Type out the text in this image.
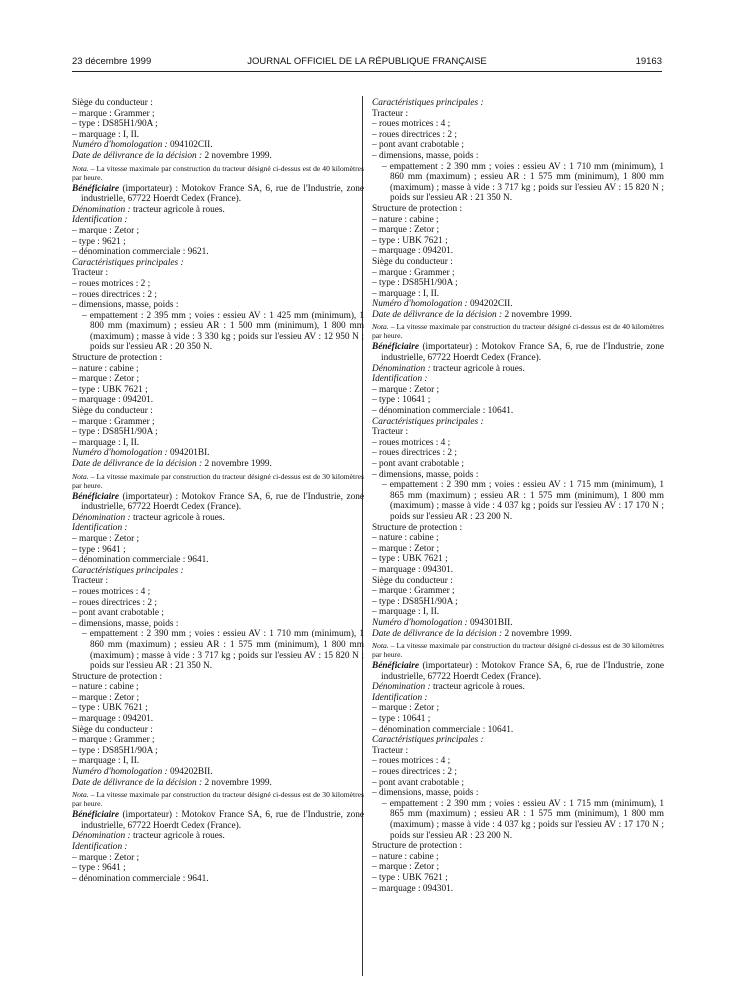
23 décembre 1999	JOURNAL OFFICIEL DE LA RÉPUBLIQUE FRANÇAISE	19163
Siège du conducteur :
– marque : Grammer ;
– type : DS85H1/90A ;
– marquage : I, II.
Numéro d'homologation : 094102CII.
Date de délivrance de la décision : 2 novembre 1999.
Nota. – La vitesse maximale par construction du tracteur désigné ci-dessus est de 40 kilomètres par heure.
Bénéficiaire (importateur) : Motokov France SA, 6, rue de l'Industrie, zone industrielle, 67722 Hoerdt Cedex (France).
Dénomination : tracteur agricole à roues.
Identification :
– marque : Zetor ;
– type : 9621 ;
– dénomination commerciale : 9621.
Caractéristiques principales :
Tracteur :
– roues motrices : 2 ;
– roues directrices : 2 ;
– dimensions, masse, poids :
– empattement : 2 395 mm ; voies : essieu AV : 1 425 mm (minimum), 1 800 mm (maximum) ; essieu AR : 1 500 mm (minimum), 1 800 mm (maximum) ; masse à vide : 3 330 kg ; poids sur l'essieu AV : 12 950 N ; poids sur l'essieu AR : 20 350 N.
Structure de protection :
– nature : cabine ;
– marque : Zetor ;
– type : UBK 7621 ;
– marquage : 094201.
Siège du conducteur :
– marque : Grammer ;
– type : DS85H1/90A ;
– marquage : I, II.
Numéro d'homologation : 094201BI.
Date de délivrance de la décision : 2 novembre 1999.
Nota. – La vitesse maximale par construction du tracteur désigné ci-dessus est de 30 kilomètres par heure.
Bénéficiaire (importateur) : Motokov France SA, 6, rue de l'Industrie, zone industrielle, 67722 Hoerdt Cedex (France).
Dénomination : tracteur agricole à roues.
Identification :
– marque : Zetor ;
– type : 9641 ;
– dénomination commerciale : 9641.
Caractéristiques principales :
Tracteur :
– roues motrices : 4 ;
– roues directrices : 2 ;
– pont avant crabotable ;
– dimensions, masse, poids :
– empattement : 2 390 mm ; voies : essieu AV : 1 710 mm (minimum), 1 860 mm (maximum) ; essieu AR : 1 575 mm (minimum), 1 800 mm (maximum) ; masse à vide : 3 717 kg ; poids sur l'essieu AV : 15 820 N ; poids sur l'essieu AR : 21 350 N.
Structure de protection :
– nature : cabine ;
– marque : Zetor ;
– type : UBK 7621 ;
– marquage : 094201.
Siège du conducteur :
– marque : Grammer ;
– type : DS85H1/90A ;
– marquage : I, II.
Numéro d'homologation : 094202BII.
Date de délivrance de la décision : 2 novembre 1999.
Nota. – La vitesse maximale par construction du tracteur désigné ci-dessus est de 30 kilomètres par heure.
Bénéficiaire (importateur) : Motokov France SA, 6, rue de l'Industrie, zone industrielle, 67722 Hoerdt Cedex (France).
Dénomination : tracteur agricole à roues.
Identification :
– marque : Zetor ;
– type : 9641 ;
– dénomination commerciale : 9641.
Caractéristiques principales :
Tracteur :
– roues motrices : 4 ;
– roues directrices : 2 ;
– pont avant crabotable ;
– dimensions, masse, poids :
– empattement : 2 390 mm ; voies : essieu AV : 1 710 mm (minimum), 1 860 mm (maximum) ; essieu AR : 1 575 mm (minimum), 1 800 mm (maximum) ; masse à vide : 3 717 kg ; poids sur l'essieu AV : 15 820 N ; poids sur l'essieu AR : 21 350 N.
Structure de protection :
– nature : cabine ;
– marque : Zetor ;
– type : UBK 7621 ;
– marquage : 094201.
Siège du conducteur :
– marque : Grammer ;
– type : DS85H1/90A ;
– marquage : I, II.
Numéro d'homologation : 094202CII.
Date de délivrance de la décision : 2 novembre 1999.
Nota. – La vitesse maximale par construction du tracteur désigné ci-dessus est de 40 kilomètres par heure.
Bénéficiaire (importateur) : Motokov France SA, 6, rue de l'Industrie, zone industrielle, 67722 Hoerdt Cedex (France).
Dénomination : tracteur agricole à roues.
Identification :
– marque : Zetor ;
– type : 10641 ;
– dénomination commerciale : 10641.
Caractéristiques principales :
Tracteur :
– roues motrices : 4 ;
– roues directrices : 2 ;
– pont avant crabotable ;
– dimensions, masse, poids :
– empattement : 2 390 mm ; voies : essieu AV : 1 715 mm (minimum), 1 865 mm (maximum) ; essieu AR : 1 575 mm (minimum), 1 800 mm (maximum) ; masse à vide : 4 037 kg ; poids sur l'essieu AV : 17 170 N ; poids sur l'essieu AR : 23 200 N.
Structure de protection :
– nature : cabine ;
– marque : Zetor ;
– type : UBK 7621 ;
– marquage : 094301.
Siège du conducteur :
– marque : Grammer ;
– type : DS85H1/90A ;
– marquage : I, II.
Numéro d'homologation : 094301BII.
Date de délivrance de la décision : 2 novembre 1999.
Nota. – La vitesse maximale par construction du tracteur désigné ci-dessus est de 30 kilomètres par heure.
Bénéficiaire (importateur) : Motokov France SA, 6, rue de l'Industrie, zone industrielle, 67722 Hoerdt Cedex (France).
Dénomination : tracteur agricole à roues.
Identification :
– marque : Zetor ;
– type : 10641 ;
– dénomination commerciale : 10641.
Caractéristiques principales :
Tracteur :
– roues motrices : 4 ;
– roues directrices : 2 ;
– pont avant crabotable ;
– dimensions, masse, poids :
– empattement : 2 390 mm ; voies : essieu AV : 1 715 mm (minimum), 1 865 mm (maximum) ; essieu AR : 1 575 mm (minimum), 1 800 mm (maximum) ; masse à vide : 4 037 kg ; poids sur l'essieu AV : 17 170 N ; poids sur l'essieu AR : 23 200 N.
Structure de protection :
– nature : cabine ;
– marque : Zetor ;
– type : UBK 7621 ;
– marquage : 094301.
